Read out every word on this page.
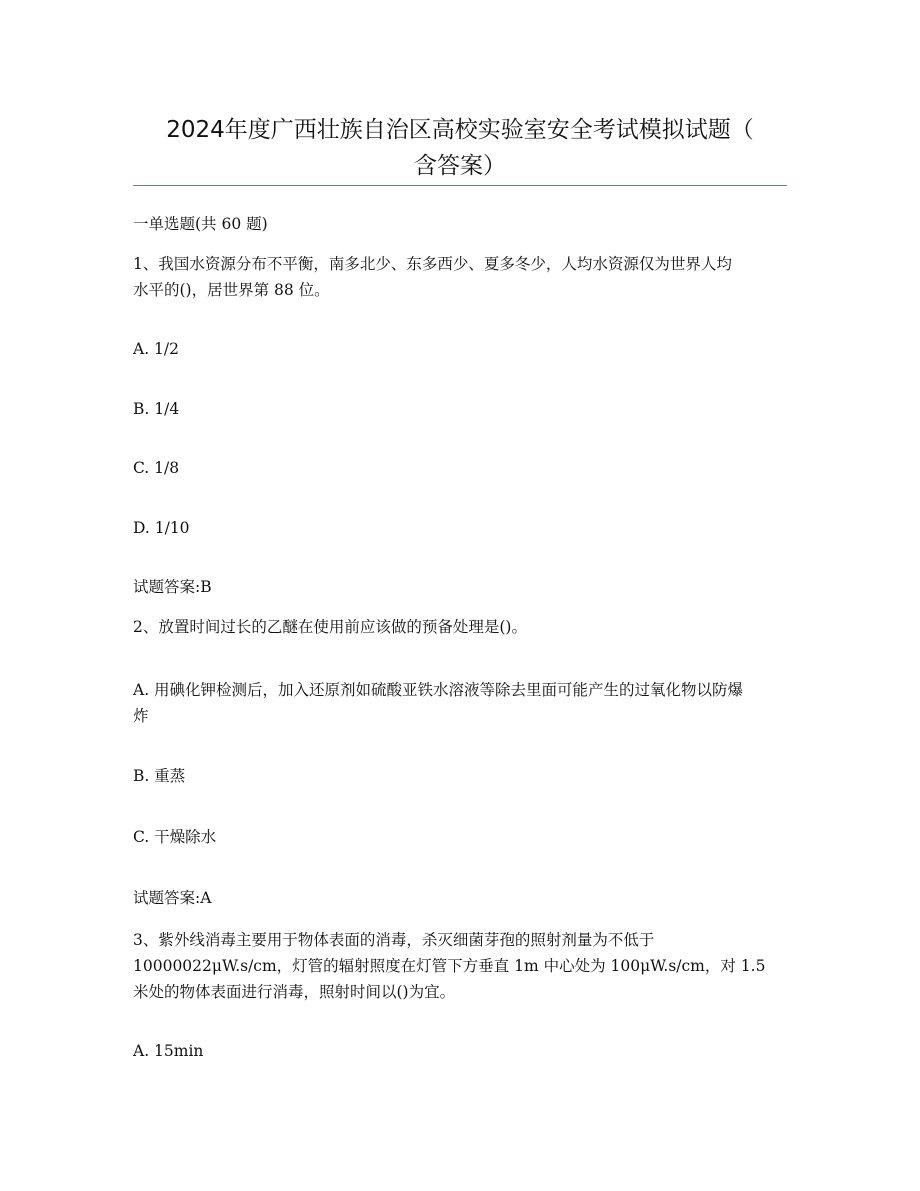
2024年度广西壮族自治区高校实验室安全考试模拟试题（
含答案）
一单选题(共 60 题)
1、我国水资源分布不平衡，南多北少、东多西少、夏多冬少，人均水资源仅为世界人均
水平的()，居世界第 88 位。
A. 1/2
B. 1/4
C. 1/8
D. 1/10
试题答案:B
2、放置时间过长的乙醚在使用前应该做的预备处理是()。
A. 用碘化钾检测后，加入还原剂如硫酸亚铁水溶液等除去里面可能产生的过氧化物以防爆
炸
B. 重蒸
C. 干燥除水
试题答案:A
3、紫外线消毒主要用于物体表面的消毒，杀灭细菌芽孢的照射剂量为不低于
10000022μW.s/cm，灯管的辐射照度在灯管下方垂直 1m 中心处为 100μW.s/cm，对 1.5
米处的物体表面进行消毒，照射时间以()为宜。
A. 15min
